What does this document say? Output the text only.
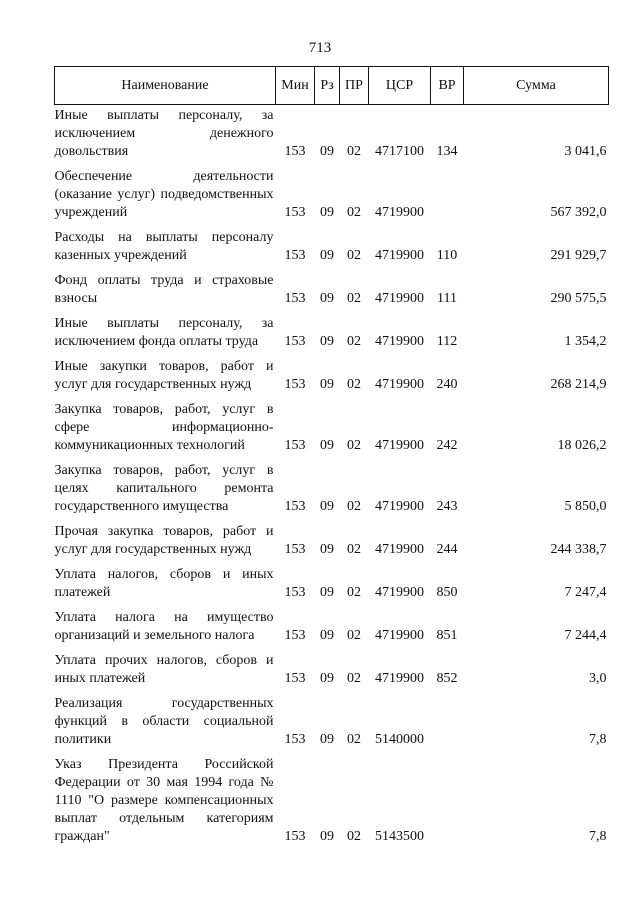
713
Наименование	Мин	Рз	ПР	ЦСР	ВР	Сумма
Иные выплаты персоналу, за исключением денежного довольствия	153	09	02	4717100	134	3 041,6
Обеспечение деятельности (оказание услуг) подведомственных учреждений	153	09	02	4719900		567 392,0
Расходы на выплаты персоналу казенных учреждений	153	09	02	4719900	110	291 929,7
Фонд оплаты труда и страховые взносы	153	09	02	4719900	111	290 575,5
Иные выплаты персоналу, за исключением фонда оплаты труда	153	09	02	4719900	112	1 354,2
Иные закупки товаров, работ и услуг для государственных нужд	153	09	02	4719900	240	268 214,9
Закупка товаров, работ, услуг в сфере информационно-коммуникационных технологий	153	09	02	4719900	242	18 026,2
Закупка товаров, работ, услуг в целях капитального ремонта государственного имущества	153	09	02	4719900	243	5 850,0
Прочая закупка товаров, работ и услуг для государственных нужд	153	09	02	4719900	244	244 338,7
Уплата налогов, сборов и иных платежей	153	09	02	4719900	850	7 247,4
Уплата налога на имущество организаций и земельного налога	153	09	02	4719900	851	7 244,4
Уплата прочих налогов, сборов и иных платежей	153	09	02	4719900	852	3,0
Реализация государственных функций в области социальной политики	153	09	02	5140000		7,8
Указ Президента Российской Федерации от 30 мая 1994 года № 1110 "О размере компенсационных выплат отдельным категориям граждан"	153	09	02	5143500		7,8
